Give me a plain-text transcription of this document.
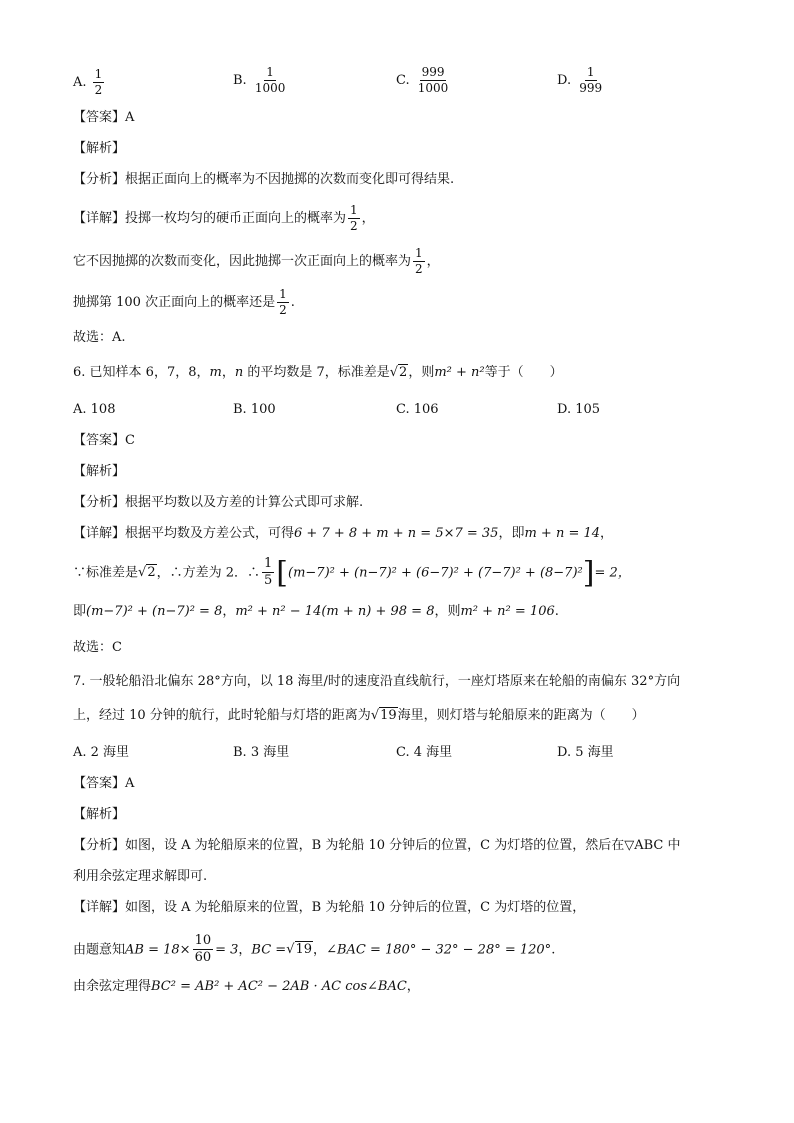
A. $\frac{1}{2}$	B. $\frac{1}{1000}$	C. $\frac{999}{1000}$	D. $\frac{1}{999}$
【答案】A
【解析】
【分析】根据正面向上的概率为不因抛掷的次数而变化即可得结果.
【详解】投掷一枚均匀的硬币正面向上的概率为 $\frac{1}{2}$ ，
它不因抛掷的次数而变化，因此抛掷一次正面向上的概率为 $\frac{1}{2}$ ，
抛掷第 100 次正面向上的概率还是 $\frac{1}{2}$ .
故选：A.
6. 已知样本 6，7，8，m，n 的平均数是 7，标准差是√2，则m² + n²等于（　　）
A. 108	B. 100	C. 106	D. 105
【答案】C
【解析】
【分析】根据平均数以及方差的计算公式即可求解.
【详解】根据平均数及方差公式，可得6 + 7 + 8 + m + n = 5×7 = 35，即m + n = 14，
∵标准差是√2，∴方差为 2．∴ $\frac{1}{5} [(m-7)^2 + (n-7)^2 + (6-7)^2 + (7-7)^2 + (8-7)^2]= 2$，
即(m−7)² + (n−7)² = 8，m² + n² − 14(m + n) + 98 = 8，则m² + n² = 106.
故选：C
7. 一般轮船沿北偏东 28°方向，以 18 海里/时的速度沿直线航行，一座灯塔原来在轮船的南偏东 32°方向
上，经过 10 分钟的航行，此时轮船与灯塔的距离为√19海里，则灯塔与轮船原来的距离为（　　）
A. 2 海里	B. 3 海里	C. 4 海里	D. 5 海里
【答案】A
【解析】
【分析】如图，设 A 为轮船原来的位置，B 为轮船 10 分钟后的位置，C 为灯塔的位置，然后在▽ABC 中
利用余弦定理求解即可.
【详解】如图，设 A 为轮船原来的位置，B 为轮船 10 分钟后的位置，C 为灯塔的位置，
由题意知AB = $18\times \frac{10}{60} = 3$，BC =√19，∠BAC = 180° − 32° − 28° = 120°.
由余弦定理得BC² = AB² + AC² − 2AB · AC cos∠BAC，
